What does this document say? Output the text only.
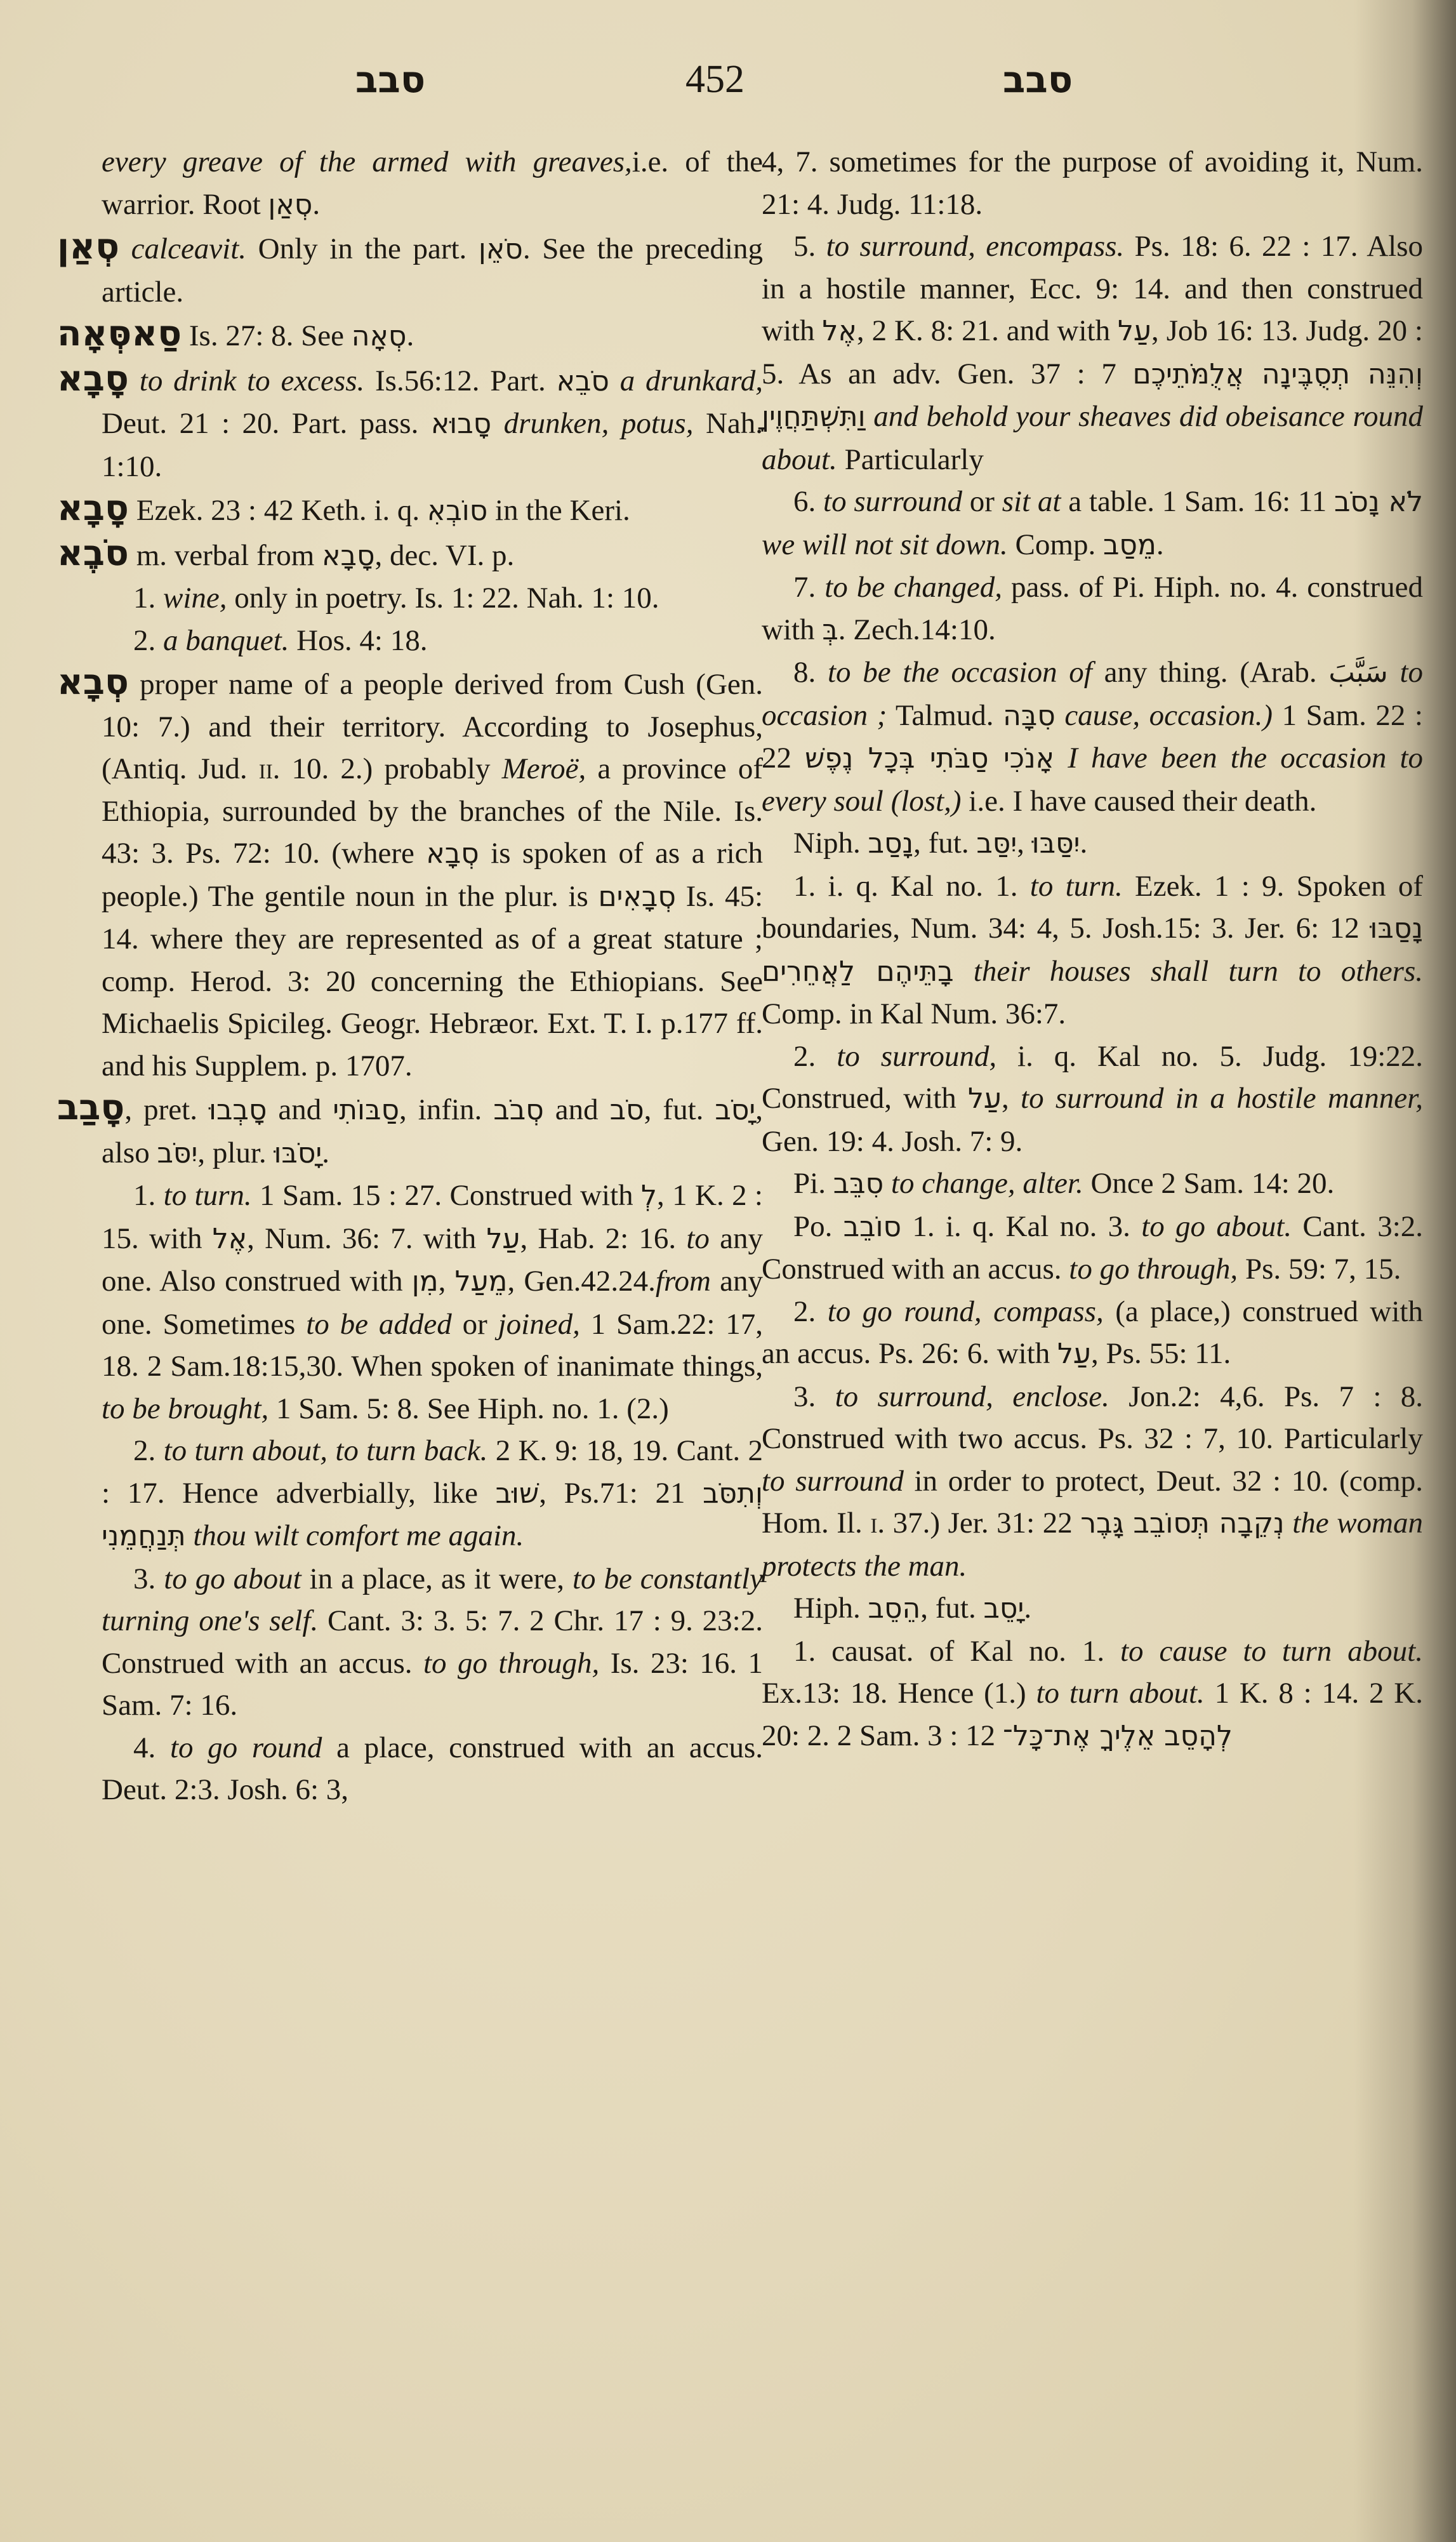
סבב	452	סבב

every greave of the armed with greaves,i.e. of the warrior. Root סְאַן.

סְאַן calceavit. Only in the part. סֹאֵן. See the preceding article.

סַאסְּאָה Is. 27: 8. See סְאָה.

סָבָא to drink to excess. Is.56:12. Part. סֹבֵא a drunkard, Deut. 21 : 20. Part. pass. סָבוּא drunken, potus, Nah. 1:10.

סָבָא Ezek. 23 : 42 Keth. i. q. סוֹבְאִ in the Keri.

סֹבֶא m. verbal from סָבָא, dec. VI. p.

1. wine, only in poetry. Is. 1: 22. Nah. 1: 10.

2. a banquet. Hos. 4: 18.

סְבָא proper name of a people derived from Cush (Gen. 10: 7.) and their territory. According to Josephus, (Antiq. Jud. ii. 10. 2.) probably Meroë, a province of Ethiopia, surrounded by the branches of the Nile. Is. 43: 3. Ps. 72: 10. (where סְבָא is spoken of as a rich people.) The gentile noun in the plur. is סְבָאִים Is. 45: 14. where they are represented as of a great stature ; comp. Herod. 3: 20 concerning the Ethiopians. See Michaelis Spicileg. Geogr. Hebræor. Ext. T. I. p.177 ff. and his Supplem. p. 1707.

סָבַב, pret. סָבְבוּ and סַבּוֹתִי, infin. סְבֹב and סֹב, fut. יָסֹב, also יִסֹּב, plur. יָסֹבּוּ.

1. to turn. 1 Sam. 15 : 27. Construed with לְ, 1 K. 2 : 15. with אֶל, Num. 36: 7. with עַל, Hab. 2: 16. to any one. Also construed with מִן, מֵעַל, Gen.42.24.from any one. Sometimes to be added or joined, 1 Sam.22: 17, 18. 2 Sam.18:15,30. When spoken of inanimate things, to be brought, 1 Sam. 5: 8. See Hiph. no. 1. (2.)

2. to turn about, to turn back. 2 K. 9: 18, 19. Cant. 2 : 17. Hence adverbially, like שׁוּב, Ps.71: 21 וְתִסֹּב תְּנַחֲמֵנִי thou wilt comfort me again.

3. to go about in a place, as it were, to be constantly turning one's self. Cant. 3: 3. 5: 7. 2 Chr. 17 : 9. 23:2. Construed with an accus. to go through, Is. 23: 16. 1 Sam. 7: 16.

4. to go round a place, construed with an accus. Deut. 2:3. Josh. 6: 3,

4, 7. sometimes for the purpose of avoiding it, Num. 21: 4. Judg. 11:18.

5. to surround, encompass. Ps. 18: 6. 22 : 17. Also in a hostile manner, Ecc. 9: 14. and then construed with אֶל, 2 K. 8: 21. and with עַל, Job 16: 13. Judg. 20 : 5. As an adv. Gen. 37 : 7 וְהִנֵּה תְסֻבֶּינָה אֲלֻמֹּתֵיכֶם וַתִּשְׁתַּחֲוֶיןָ and behold your sheaves did obeisance round about. Particularly

6. to surround or sit at a table. 1 Sam. 16: 11 לֹא נָסֹב we will not sit down. Comp. מֵסַב.

7. to be changed, pass. of Pi. Hiph. no. 4. construed with בְּ. Zech.14:10.

8. to be the occasion of any thing. (Arab. سَبَّبَ to occasion ; Talmud. סִבָּה cause, occasion.) 1 Sam. 22 : 22 אָנֹכִי סַבֹּתִי בְּכָל נֶפֶשׁ I have been the occasion to every soul (lost,) i.e. I have caused their death.

Niph. נָסַב, fut. יִסַּב, יִסַּבּוּ.

1. i. q. Kal no. 1. to turn. Ezek. 1 : 9. Spoken of boundaries, Num. 34: 4, 5. Josh.15: 3. Jer. 6: 12 נָסַבּוּ בָתֵּיהֶם לַאֲחֵרִים their houses shall turn to others. Comp. in Kal Num. 36:7.

2. to surround, i. q. Kal no. 5. Judg. 19:22. Construed, with עַל, to surround in a hostile manner, Gen. 19: 4. Josh. 7: 9.

Pi. סִבֵּב to change, alter. Once 2 Sam. 14: 20.

Po. סוֹבֵב 1. i. q. Kal no. 3. to go about. Cant. 3:2. Construed with an accus. to go through, Ps. 59: 7, 15.

2. to go round, compass, (a place,) construed with an accus. Ps. 26: 6. with עַל, Ps. 55: 11.

3. to surround, enclose. Jon.2: 4,6. Ps. 7 : 8. Construed with two accus. Ps. 32 : 7, 10. Particularly to surround in order to protect, Deut. 32 : 10. (comp. Hom. Il. i. 37.) Jer. 31: 22 נְקֵבָה תְּסוֹבֵב גָּבֶר the woman protects the man.

Hiph. הֵסֵב, fut. יָסֵב.

1. causat. of Kal no. 1. to cause to turn about. Ex.13: 18. Hence (1.) to turn about. 1 K. 8 : 14. 2 K. 20: 2. 2 Sam. 3 : 12 לְהָסֵב אֵלֶיךָ אֶת־כָּל־
